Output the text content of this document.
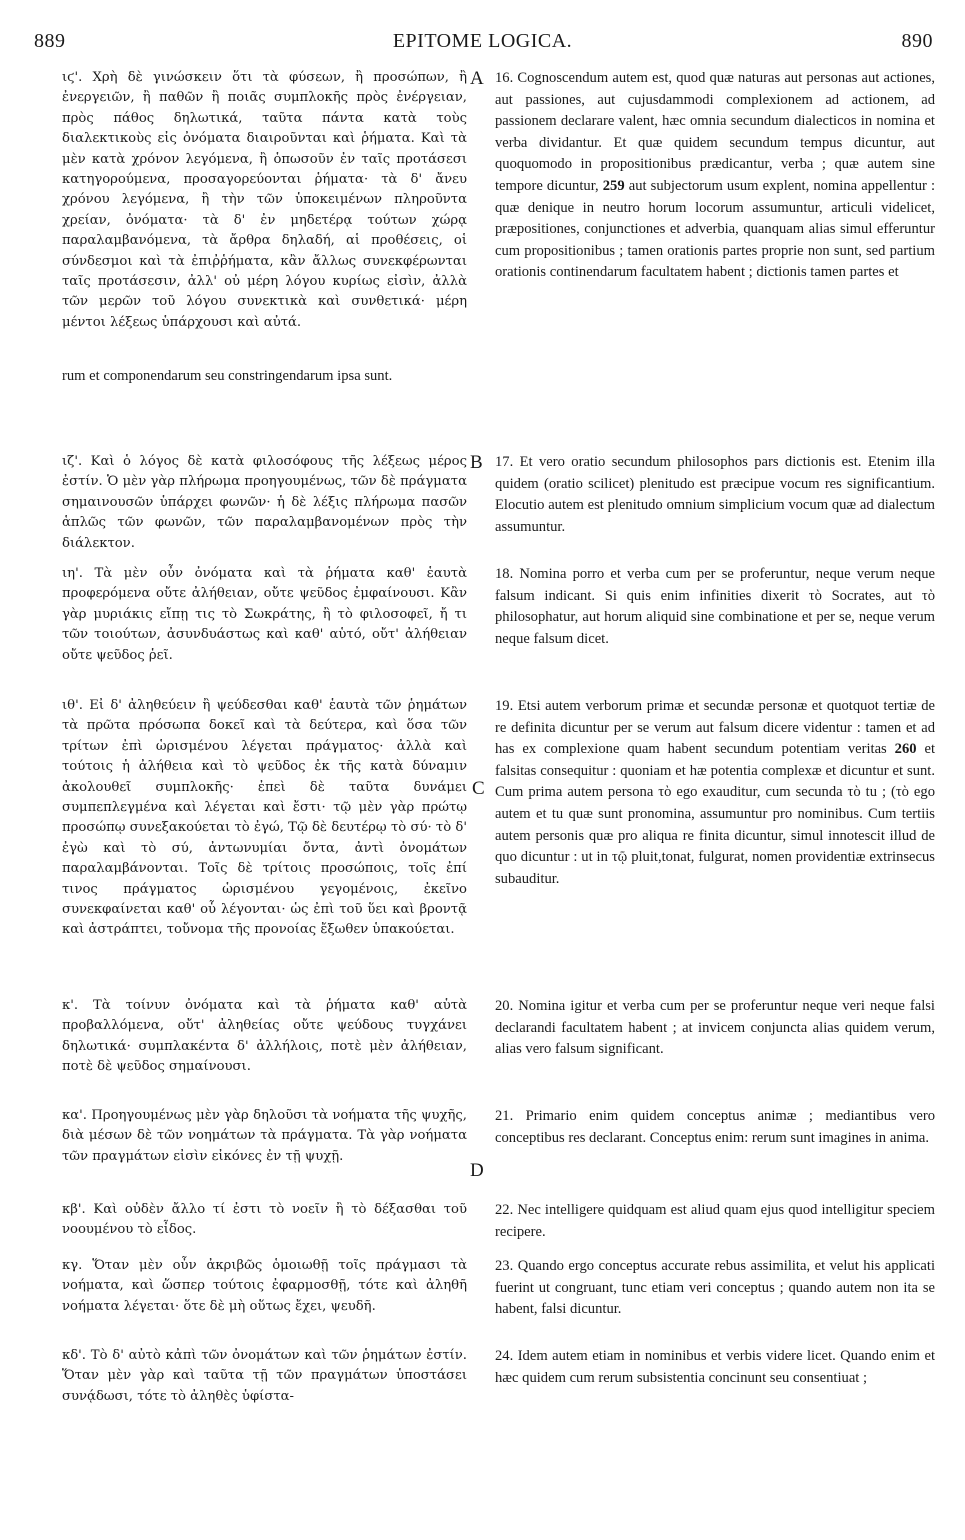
889	EPITOME LOGICA.	890
A
B
C
D

ιϛ'. Χρὴ δὲ γινώσκειν ὅτι τὰ φύσεων, ἢ προσώπων, ἢ ἐνεργειῶν, ἢ παθῶν ἢ ποιᾶς συμπλοκῆς πρὸς ἐνέργειαν, πρὸς πάθος δηλωτικά, ταῦτα πάντα κατὰ τοὺς διαλεκτικοὺς εἰς ὀνόματα διαιροῦνται καὶ ῥήματα. Καὶ τὰ μὲν κατὰ χρόνον λεγόμενα, ἢ ὁπωσοῦν ἐν ταῖς προτάσεσι κατηγορούμενα, προσαγορεύονται ῥήματα· τὰ δ' ἄνευ χρόνου λεγόμενα, ἢ τὴν τῶν ὑποκειμένων πληροῦντα χρείαν, ὀνόματα· τὰ δ' ἐν μηδετέρᾳ τούτων χώρᾳ παραλαμβανόμενα, τὰ ἄρθρα δηλαδή, αἱ προθέσεις, οἱ σύνδεσμοι καὶ τὰ ἐπιῤῥήματα, κἂν ἄλλως συνεκφέρωνται ταῖς προτάσεσιν, ἀλλ' οὐ μέρη λόγου κυρίως εἰσὶν, ἀλλὰ τῶν μερῶν τοῦ λόγου συνεκτικὰ καὶ συνθετικά· μέρη μέντοι λέξεως ὑπάρχουσι καὶ αὐτά.

rum et componendarum seu constringendarum ipsa sunt.

ιζ'. Καὶ ὁ λόγος δὲ κατὰ φιλοσόφους τῆς λέξεως μέρος ἐστίν. Ὁ μὲν γὰρ πλήρωμα προηγουμένως, τῶν δὲ πράγματα σημαινουσῶν ὑπάρχει φωνῶν· ἡ δὲ λέξις πλήρωμα πασῶν ἁπλῶς τῶν φωνῶν, τῶν παραλαμβανομένων πρὸς τὴν διάλεκτον.

ιη'. Τὰ μὲν οὖν ὀνόματα καὶ τὰ ῥήματα καθ' ἑαυτὰ προφερόμενα οὔτε ἀλήθειαν, οὔτε ψεῦδος ἐμφαίνουσι. Κἂν γὰρ μυριάκις εἴπῃ τις τὸ Σωκράτης, ἢ τὸ φιλοσοφεῖ, ἤ τι τῶν τοιούτων, ἀσυνδυάστως καὶ καθ' αὑτό, οὔτ' ἀλήθειαν οὔτε ψεῦδος ῥεῖ.

ιθ'. Εἰ δ' ἀληθεύειν ἢ ψεύδεσθαι καθ' ἑαυτὰ τῶν ῥημάτων τὰ πρῶτα πρόσωπα δοκεῖ καὶ τὰ δεύτερα, καὶ ὅσα τῶν τρίτων ἐπὶ ὡρισμένου λέγεται πράγματος· ἀλλὰ καὶ τούτοις ἡ ἀλήθεια καὶ τὸ ψεῦδος ἐκ τῆς κατὰ δύναμιν ἀκολουθεῖ συμπλοκῆς· ἐπεὶ δὲ ταῦτα δυνάμει συμπεπλεγμένα καὶ λέγεται καὶ ἔστι· τῷ μὲν γὰρ πρώτῳ προσώπῳ συνεξακούεται τὸ ἐγώ, Τῷ δὲ δευτέρῳ τὸ σύ· τὸ δ' ἐγὼ καὶ τὸ σύ, ἀντωνυμίαι ὄντα, ἀντὶ ὀνομάτων παραλαμβάνονται. Τοῖς δὲ τρίτοις προσώποις, τοῖς ἐπί τινος πράγματος ὡρισμένου γεγομένοις, ἐκεῖνο συνεκφαίνεται καθ' οὗ λέγονται· ὡς ἐπὶ τοῦ ὕει καὶ βροντᾷ καὶ ἀστράπτει, τοὔνομα τῆς προνοίας ἔξωθεν ὑπακούεται.

κ'. Τὰ τοίνυν ὀνόματα καὶ τὰ ῥήματα καθ' αὑτὰ προβαλλόμενα, οὔτ' ἀληθείας οὔτε ψεύδους τυγχάνει δηλωτικά· συμπλακέντα δ' ἀλλήλοις, ποτὲ μὲν ἀλήθειαν, ποτὲ δὲ ψεῦδος σημαίνουσι.

κα'. Προηγουμένως μὲν γὰρ δηλοῦσι τὰ νοήματα τῆς ψυχῆς, διὰ μέσων δὲ τῶν νοημάτων τὰ πράγματα. Τὰ γὰρ νοήματα τῶν πραγμάτων εἰσὶν εἰκόνες ἐν τῇ ψυχῇ.

κβ'. Καὶ οὐδὲν ἄλλο τί ἐστι τὸ νοεῖν ἢ τὸ δέξασθαι τοῦ νοουμένου τὸ εἶδος.

κγ. Ὅταν μὲν οὖν ἀκριβῶς ὁμοιωθῇ τοῖς πράγμασι τὰ νοήματα, καὶ ὥσπερ τούτοις ἐφαρμοσθῇ, τότε καὶ ἀληθῆ νοήματα λέγεται· ὅτε δὲ μὴ οὕτως ἔχει, ψευδῆ.

κδ'. Τὸ δ' αὐτὸ κἀπὶ τῶν ὀνομάτων καὶ τῶν ῥημάτων ἐστίν. Ὅταν μὲν γὰρ καὶ ταῦτα τῇ τῶν πραγμάτων ὑποστάσει συνᾴδωσι, τότε τὸ ἀληθὲς ὑφίστα-

16. Cognoscendum autem est, quod quæ naturas aut personas aut actiones, aut passiones, aut cujusdammodi complexionem ad actionem, ad passionem declarare valent, hæc omnia secundum dialecticos in nomina et verba dividantur. Et quæ quidem secundum tempus dicuntur, aut quoquomodo in propositionibus prædicantur, verba ; quæ autem sine tempore dicuntur, 259 aut subjectorum usum explent, nomina appellentur : quæ denique in neutro horum locorum assumuntur, articuli videlicet, præpositiones, conjunctiones et adverbia, quanquam alias simul efferuntur cum propositionibus ; tamen orationis partes proprie non sunt, sed partium orationis continendarum facultatem habent ; dictionis tamen partes et

17. Et vero oratio secundum philosophos pars dictionis est. Etenim illa quidem (oratio scilicet) plenitudo est præcipue vocum res significantium. Elocutio autem est plenitudo omnium simplicium vocum quæ ad dialectum assumuntur.

18. Nomina porro et verba cum per se proferuntur, neque verum neque falsum indicant. Si quis enim infinities dixerit τὸ Socrates, aut τὸ philosophatur, aut horum aliquid sine combinatione et per se, neque verum neque falsum dicet.

19. Etsi autem verborum primæ et secundæ personæ et quotquot tertiæ de re definita dicuntur per se verum aut falsum dicere videntur : tamen et ad has ex complexione quam habent secundum potentiam veritas 260 et falsitas consequitur : quoniam et hæ potentia complexæ et dicuntur et sunt. Cum prima autem persona τὸ ego exauditur, cum secunda τὸ tu ; (τὸ ego autem et tu quæ sunt pronomina, assumuntur pro nominibus. Cum tertiis autem personis quæ pro aliqua re finita dicuntur, simul innotescit illud de quo dicuntur : ut in τῷ pluit,tonat, fulgurat, nomen providentiæ extrinsecus subauditur.

20. Nomina igitur et verba cum per se proferuntur neque veri neque falsi declarandi facultatem habent ; at invicem conjuncta alias quidem verum, alias vero falsum significant.

21. Primario enim quidem conceptus animæ ; mediantibus vero conceptibus res declarant. Conceptus enim: rerum sunt imagines in anima.

22. Nec intelligere quidquam est aliud quam ejus quod intelligitur speciem recipere.

23. Quando ergo conceptus accurate rebus assimilita, et velut his applicati fuerint ut congruant, tunc etiam veri conceptus ; quando autem non ita se habent, falsi dicuntur.

24. Idem autem etiam in nominibus et verbis videre licet. Quando enim et hæc quidem cum rerum subsistentia concinunt seu consentiuat ;
